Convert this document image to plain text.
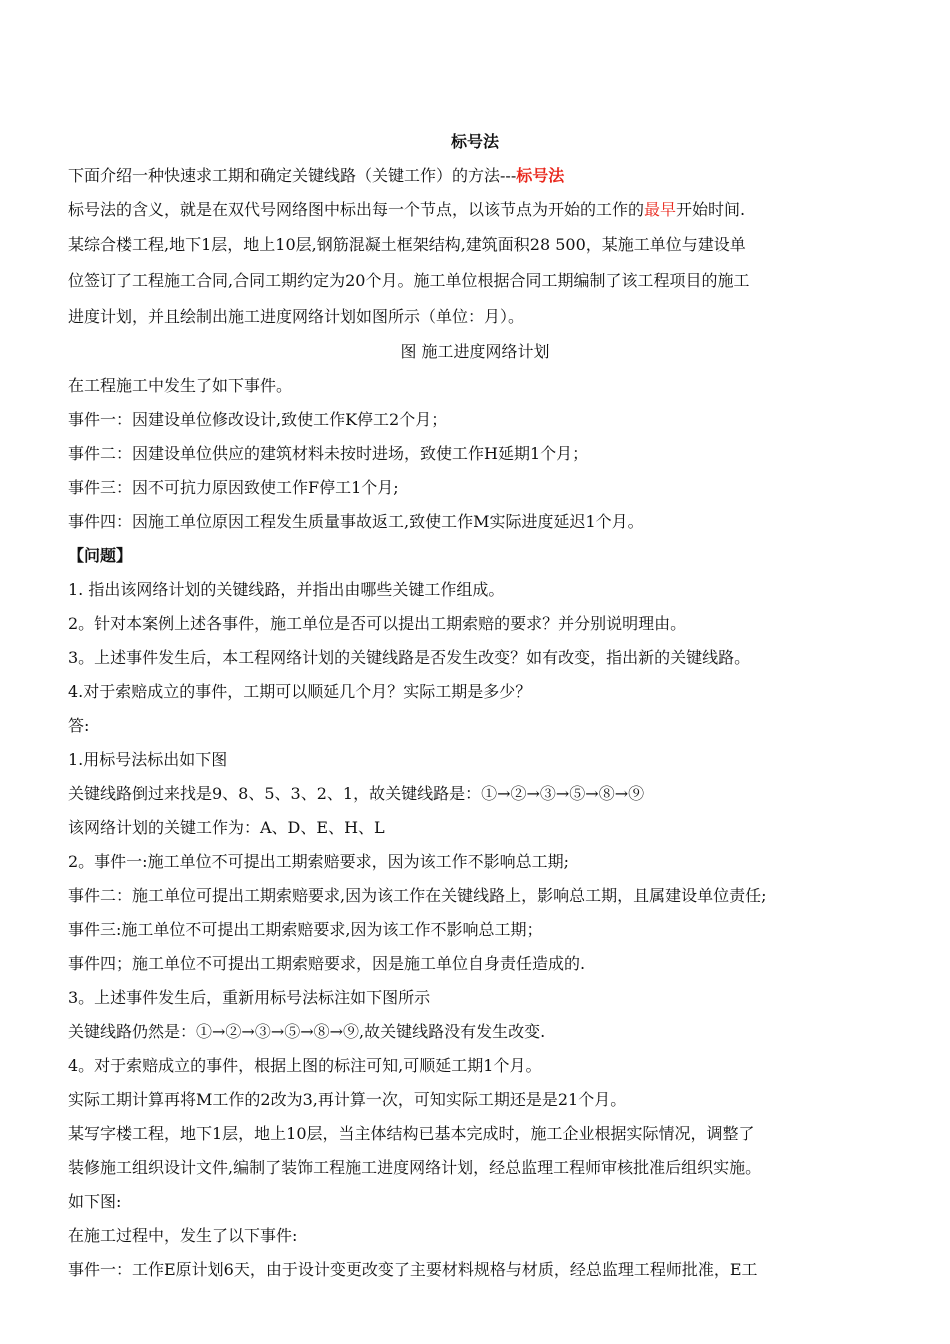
标号法
下面介绍一种快速求工期和确定关键线路（关键工作）的方法---标号法
标号法的含义，就是在双代号网络图中标出每一个节点，以该节点为开始的工作的最早开始时间.
某综合楼工程,地下1层，地上10层,钢筋混凝土框架结构,建筑面积28 500，某施工单位与建设单
位签订了工程施工合同,合同工期约定为20个月。施工单位根据合同工期编制了该工程项目的施工
进度计划，并且绘制出施工进度网络计划如图所示（单位：月）。
图 施工进度网络计划
在工程施工中发生了如下事件。
事件一：因建设单位修改设计,致使工作K停工2个月；
事件二：因建设单位供应的建筑材料未按时进场，致使工作H延期1个月；
事件三：因不可抗力原因致使工作F停工1个月;
事件四：因施工单位原因工程发生质量事故返工,致使工作M实际进度延迟1个月。
【问题】
1. 指出该网络计划的关键线路，并指出由哪些关键工作组成。
2。针对本案例上述各事件，施工单位是否可以提出工期索赔的要求？并分别说明理由。
3。上述事件发生后，本工程网络计划的关键线路是否发生改变？如有改变，指出新的关键线路。
4.对于索赔成立的事件，工期可以顺延几个月？实际工期是多少？
答:
1.用标号法标出如下图
关键线路倒过来找是9、8、5、3、2、1，故关键线路是：①→②→③→⑤→⑧→⑨
该网络计划的关键工作为：A、D、E、H、L
2。事件一:施工单位不可提出工期索赔要求，因为该工作不影响总工期;
事件二：施工单位可提出工期索赔要求,因为该工作在关键线路上，影响总工期，且属建设单位责任;
事件三:施工单位不可提出工期索赔要求,因为该工作不影响总工期；
事件四；施工单位不可提出工期索赔要求，因是施工单位自身责任造成的.
3。上述事件发生后，重新用标号法标注如下图所示
关键线路仍然是：①→②→③→⑤→⑧→⑨,故关键线路没有发生改变.
4。对于索赔成立的事件，根据上图的标注可知,可顺延工期1个月。
实际工期计算再将M工作的2改为3,再计算一次，可知实际工期还是是21个月。
某写字楼工程，地下1层，地上10层，当主体结构已基本完成时，施工企业根据实际情况，调整了
装修施工组织设计文件,编制了装饰工程施工进度网络计划，经总监理工程师审核批准后组织实施。
如下图:
在施工过程中，发生了以下事件:
事件一：工作E原计划6天，由于设计变更改变了主要材料规格与材质，经总监理工程师批准，E工
